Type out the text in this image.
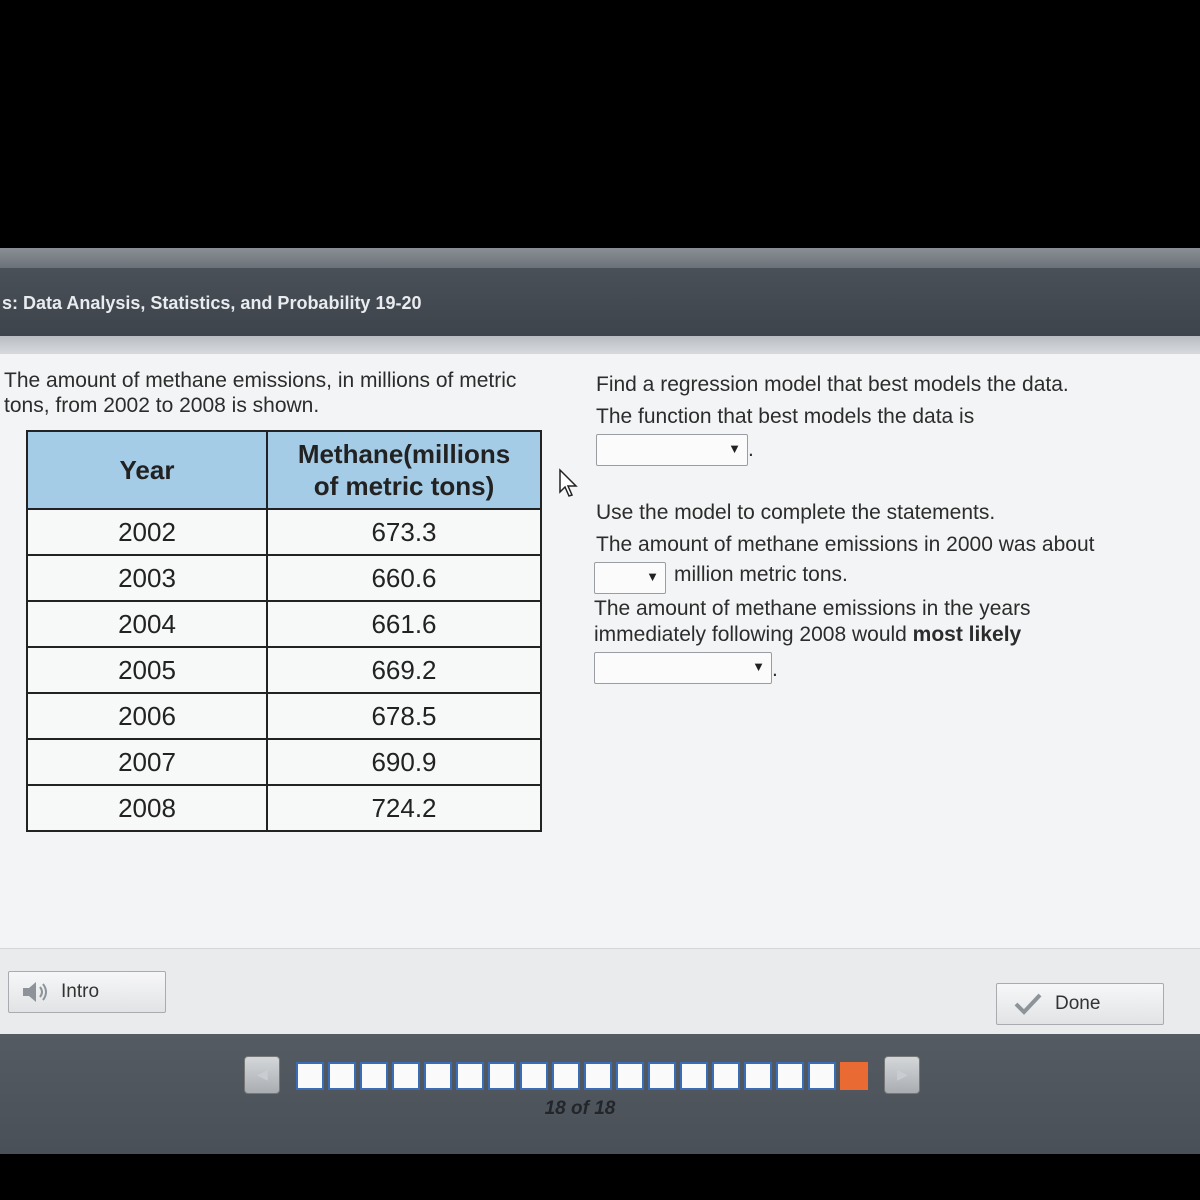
s: Data Analysis, Statistics, and Probability 19-20
The amount of methane emissions, in millions of metric
tons, from 2002 to 2008 is shown.
Year	Methane(millions
of metric tons)

2002	673.3
2003	660.6
2004	661.6
2005	669.2
2006	678.5
2007	690.9
2008	724.2
Find a regression model that best models the data.
The function that best models the data is
▼ .
Use the model to complete the statements.
The amount of methane emissions in 2000 was about
▼ million metric tons.
The amount of methane emissions in the years
immediately following 2008 would most likely
▼ .
Intro
Done
◀	▶
18 of 18
